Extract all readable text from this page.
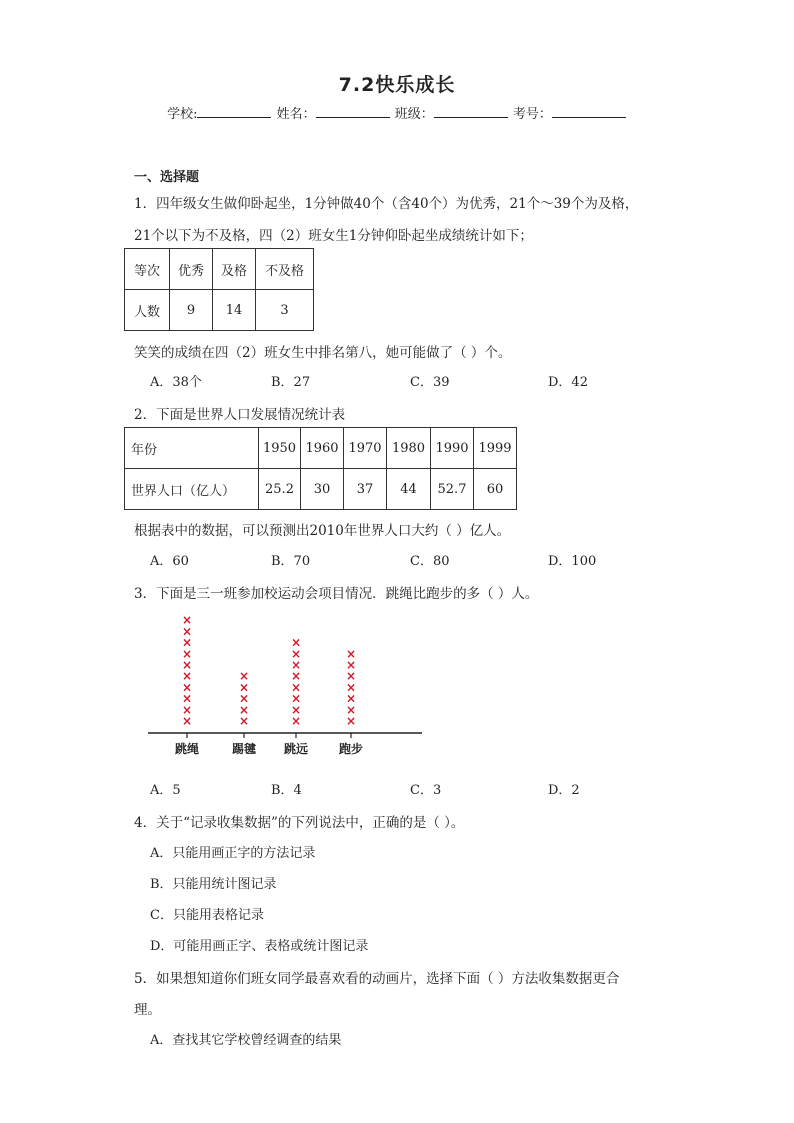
7.2快乐成长
学校:	姓名：	班级：	考号：
一、选择题
1．四年级女生做仰卧起坐，1分钟做40个（含40个）为优秀，21个～39个为及格，
21个以下为不及格，四（2）班女生1分钟仰卧起坐成绩统计如下；
等次	优秀	及格	不及格
人数	9	14	3
笑笑的成绩在四（2）班女生中排名第八，她可能做了（ ）个。
A．38个	B．27	C．39	D．42
2．下面是世界人口发展情况统计表
年份	1950	1960	1970	1980	1990	1999
世界人口（亿人）	25.2	30	37	44	52.7	60
根据表中的数据，可以预测出2010年世界人口大约（ ）亿人。
A．60	B．70	C．80	D．100
3．下面是三一班参加校运动会项目情况．跳绳比跑步的多（ ）人。
跳绳
×
×
×
×
×
×
×
×
×
×
踢毽
×
×
×
×
×
跳远
×
×
×
×
×
×
×
×
跑步
×
×
×
×
×
×
×
A．5	B．4	C．3	D．2
4．关于“记录收集数据”的下列说法中，正确的是（ ）。
A．只能用画正字的方法记录
B．只能用统计图记录
C．只能用表格记录
D．可能用画正字、表格或统计图记录
5．如果想知道你们班女同学最喜欢看的动画片，选择下面（ ）方法收集数据更合
理。
A．查找其它学校曾经调查的结果
